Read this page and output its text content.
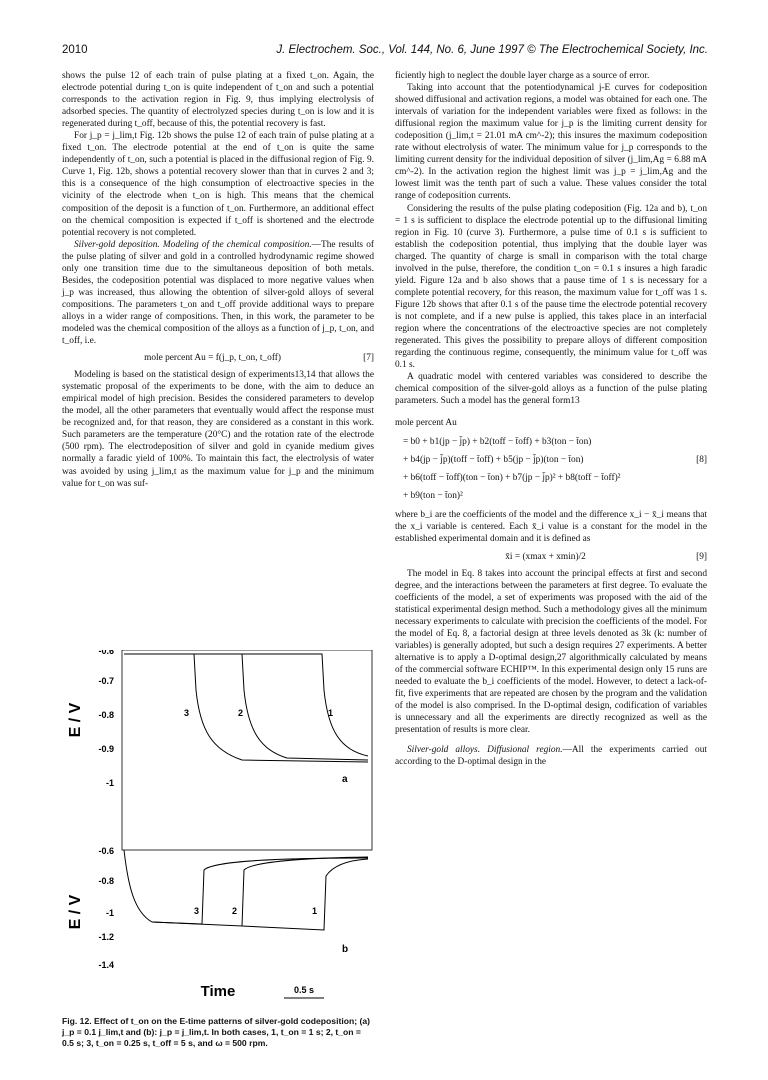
2010	J. Electrochem. Soc., Vol. 144, No. 6, June 1997 © The Electrochemical Society, Inc.

shows the pulse 12 of each train of pulse plating at a fixed t_on. Again, the electrode potential during t_on is quite independent of t_on and such a potential corresponds to the activation region in Fig. 9, thus implying electrolysis of adsorbed species. The quantity of electrolyzed species during t_on is low and it is regenerated during t_off, because of this, the potential recovery is fast.

For j_p = j_lim,t Fig. 12b shows the pulse 12 of each train of pulse plating at a fixed t_on. The electrode potential at the end of t_on is quite the same independently of t_on, such a potential is placed in the diffusional region of Fig. 9. Curve 1, Fig. 12b, shows a potential recovery slower than that in curves 2 and 3; this is a consequence of the high consumption of electroactive species in the vicinity of the electrode when t_on is high. This means that the chemical composition of the deposit is a function of t_on. Furthermore, an additional effect on the chemical composition is expected if t_off is shortened and the electrode potential recovery is not completed.

Silver-gold deposition. Modeling of the chemical composition.—The results of the pulse plating of silver and gold in a controlled hydrodynamic regime showed only one transition time due to the simultaneous deposition of both metals. Besides, the codeposition potential was displaced to more negative values when j_p was increased, thus allowing the obtention of silver-gold alloys of several compositions. The parameters t_on and t_off provide additional ways to prepare alloys in a wider range of compositions. Then, in this work, the parameter to be modeled was the chemical composition of the alloys as a function of j_p, t_on, and t_off, i.e.

mole percent Au = f(j_p, t_on, t_off)	[7]

Modeling is based on the statistical design of experiments13,14 that allows the systematic proposal of the experiments to be done, with the aim to deduce an empirical model of high precision. Besides the considered parameters to develop the model, all the other parameters that eventually would affect the response must be recognized and, for that reason, they are considered as a constant in this work. Such parameters are the temperature (20°C) and the rotation rate of the electrode (500 rpm). The electrodeposition of silver and gold in cyanide medium gives normally a faradic yield of 100%. To maintain this fact, the electrolysis of water was avoided by using j_lim,t as the maximum value for j_p and the minimum value for t_on was suf-

ficiently high to neglect the double layer charge as a source of error.

Taking into account that the potentiodynamical j-E curves for codeposition showed diffusional and activation regions, a model was obtained for each one. The intervals of variation for the independent variables were fixed as follows: in the diffusional region the maximum value for j_p is the limiting current density for codeposition (j_lim,t = 21.01 mA cm^-2); this insures the maximum codeposition rate without electrolysis of water. The minimum value for j_p corresponds to the limiting current density for the individual deposition of silver (j_lim,Ag = 6.88 mA cm^-2). In the activation region the highest limit was j_p = j_lim,Ag and the lowest limit was the tenth part of such a value. These values consider the total range of codeposition currents.

Considering the results of the pulse plating codeposition (Fig. 12a and b), t_on = 1 s is sufficient to displace the electrode potential up to the diffusional limiting region in Fig. 10 (curve 3). Furthermore, a pulse time of 0.1 s is sufficient to establish the codeposition potential, thus implying that the double layer was charged. The quantity of charge is small in comparison with the total charge involved in the pulse, therefore, the condition t_on = 0.1 s insures a high faradic yield. Figure 12a and b also shows that a pause time of 1 s is necessary for a complete potential recovery, for this reason, the maximum value for t_off was 1 s. Figure 12b shows that after 0.1 s of the pause time the electrode potential recovery is not complete, and if a new pulse is applied, this takes place in an interfacial region where the concentrations of the electroactive species are not completely regenerated. This gives the possibility to prepare alloys of different composition regarding the continuous regime, consequently, the minimum value for t_off was 0.1 s.

A quadratic model with centered variables was considered to describe the chemical composition of the silver-gold alloys as a function of the pulse plating parameters. Such a model has the general form13

mole percent Au
= b0 + b1(jp − j̄p) + b2(toff − t̄off) + b3(ton − t̄on)
+ b4(jp − j̄p)(toff − t̄off) + b5(jp − j̄p)(ton − t̄on)	[8]
+ b6(toff − t̄off)(ton − t̄on) + b7(jp − j̄p)² + b8(toff − t̄off)²
+ b9(ton − t̄on)²

where b_i are the coefficients of the model and the difference x_i − x̄_i means that the x_i variable is centered. Each x̄_i value is a constant for the model in the established experimental domain and it is defined as

x̄i = (xmax + xmin)/2	[9]

The model in Eq. 8 takes into account the principal effects at first and second degree, and the interactions between the parameters at first degree. To evaluate the coefficients of the model, a set of experiments was proposed with the aid of the statistical experimental design method. Such a methodology gives all the minimum necessary experiments to calculate with precision the coefficients of the model. For the model of Eq. 8, a factorial design at three levels denoted as 3k (k: number of variables) is generally adopted, but such a design requires 27 experiments. A better alternative is to apply a D-optimal design,27 algorithmically calculated by means of the commercial software ECHIP™. In this experimental design only 15 runs are needed to evaluate the b_i coefficients of the model. However, to detect a lack-of-fit, five experiments that are repeated are chosen by the program and the validation of the model is also comprised. In the D-optimal design, codification of variables is unnecessary and all the experiments are directly recognized as well as the presentation of results is more clear.

Silver-gold alloys. Diffusional region.—All the experiments carried out according to the D-optimal design in the

-0.6
-0.7
-0.8
-0.9
-1
E / V	3	2	1
a
-0.6
-0.8
-1
-1.2
-1.4
E / V	3	2	1
b
Time	0.5 s
Fig. 12. Effect of t_on on the E-time patterns of silver-gold codeposition; (a) j_p = 0.1 j_lim,t and (b): j_p = j_lim,t. In both cases, 1, t_on = 1 s; 2, t_on = 0.5 s; 3, t_on = 0.25 s, t_off = 5 s, and ω = 500 rpm.
